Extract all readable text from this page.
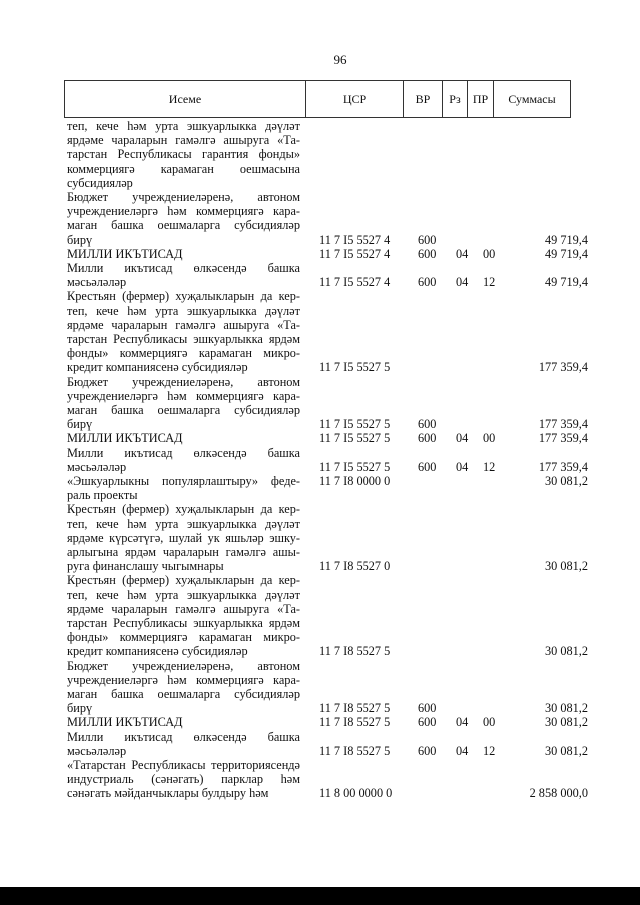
96
Исеме	ЦСР	ВР	Рз	ПР	Суммасы
теп, кече һәм урта эшкуарлыкка дәүләт
ярдәме чараларын гамәлгә ашыруга «Та-
тарстан Республикасы гарантия фонды»
коммерциягә карамаган оешмасына
субсидияләр
Бюджет учреждениеләренә, автоном
учреждениеләргә һәм коммерциягә кара-
маган башка оешмаларга субсидияләр
бирү	11 7 I5 5527 4 600	49 719,4
МИЛЛИ ИКЪТИСАД	11 7 I5 5527 4 600 04 00	49 719,4
Милли икътисад өлкәсендә башка
мәсьәләләр	11 7 I5 5527 4 600 04 12	49 719,4
Крестьян (фермер) хуҗалыкларын да кер-
теп, кече һәм урта эшкуарлыкка дәүләт
ярдәме чараларын гамәлгә ашыруга «Та-
тарстан Республикасы эшкуарлыкка ярдәм
фонды» коммерциягә карамаган микро-
кредит компаниясенә субсидияләр	11 7 I5 5527 5	177 359,4
Бюджет учреждениеләренә, автоном
учреждениеләргә һәм коммерциягә кара-
маган башка оешмаларга субсидияләр
бирү	11 7 I5 5527 5 600	177 359,4
МИЛЛИ ИКЪТИСАД	11 7 I5 5527 5 600 04 00	177 359,4
Милли икътисад өлкәсендә башка
мәсьәләләр	11 7 I5 5527 5 600 04 12	177 359,4
«Эшкуарлыкны популярлаштыру» феде-
раль проекты
11 7 I8 0000 0	30 081,2
Крестьян (фермер) хуҗалыкларын да кер-
теп, кече һәм урта эшкуарлыкка дәүләт
ярдәме күрсәтүгә, шулай ук яшьләр эшку-
арлыгына ярдәм чараларын гамәлгә ашы-
руга финанслашу чыгымнары	11 7 I8 5527 0	30 081,2
Крестьян (фермер) хуҗалыкларын да кер-
теп, кече һәм урта эшкуарлыкка дәүләт
ярдәме чараларын гамәлгә ашыруга «Та-
тарстан Республикасы эшкуарлыкка ярдәм
фонды» коммерциягә карамаган микро-
кредит компаниясенә субсидияләр	11 7 I8 5527 5	30 081,2
Бюджет учреждениеләренә, автоном
учреждениеләргә һәм коммерциягә кара-
маган башка оешмаларга субсидияләр
бирү	11 7 I8 5527 5 600	30 081,2
МИЛЛИ ИКЪТИСАД	11 7 I8 5527 5 600 04 00	30 081,2
Милли икътисад өлкәсендә башка
мәсьәләләр	11 7 I8 5527 5 600 04 12	30 081,2
«Татарстан Республикасы территориясендә
индустриаль (сәнәгать) парклар һәм
сәнәгать мәйданчыклары булдыру һәм	11 8 00 0000 0	2 858 000,0
